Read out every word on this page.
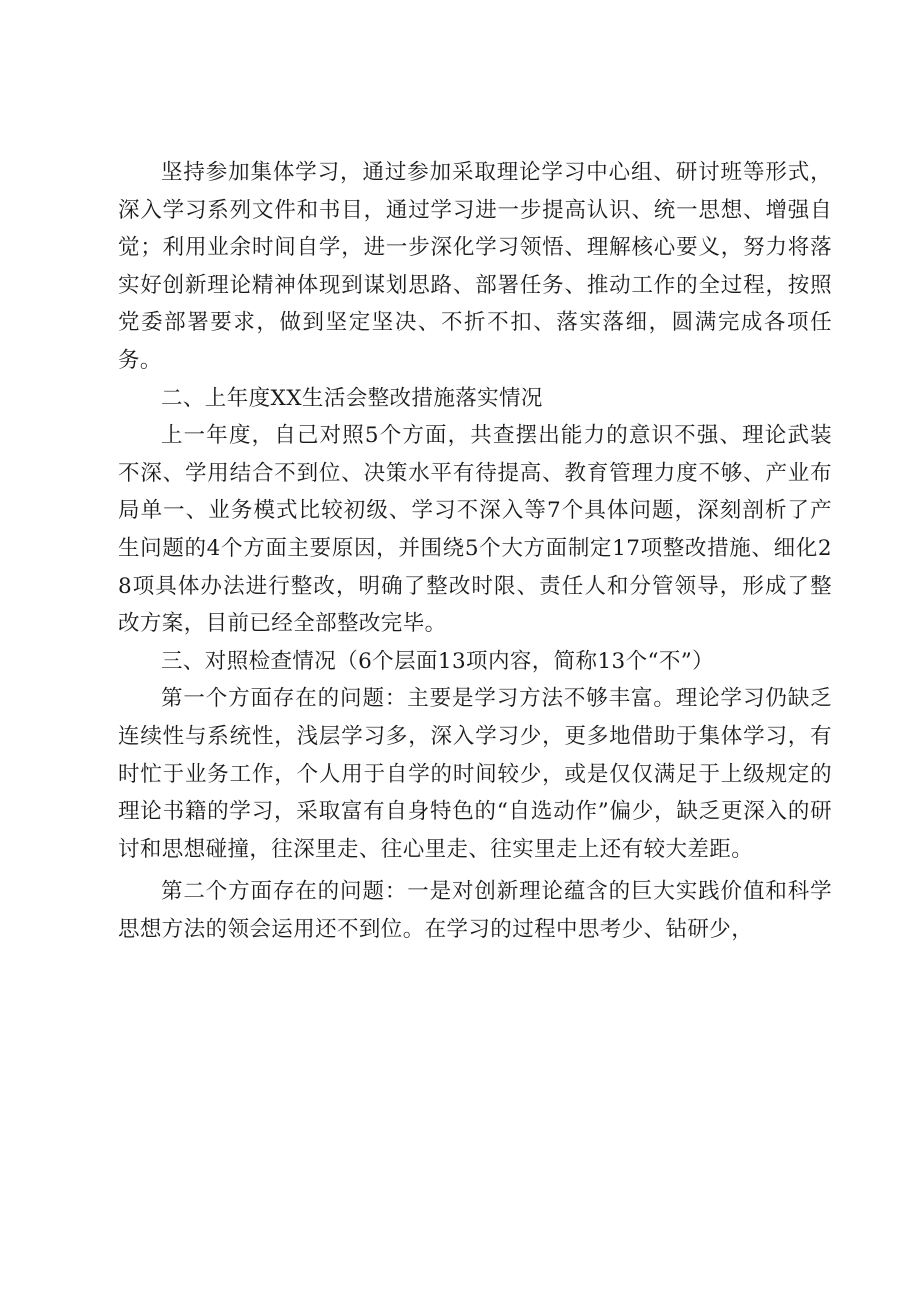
坚持参加集体学习，通过参加采取理论学习中心组、研讨班等形式，深入学习系列文件和书目，通过学习进一步提高认识、统一思想、增强自觉；利用业余时间自学，进一步深化学习领悟、理解核心要义，努力将落实好创新理论精神体现到谋划思路、部署任务、推动工作的全过程，按照党委部署要求，做到坚定坚决、不折不扣、落实落细，圆满完成各项任务。

二、上年度XX生活会整改措施落实情况

上一年度，自己对照5个方面，共查摆出能力的意识不强、理论武装不深、学用结合不到位、决策水平有待提高、教育管理力度不够、产业布局单一、业务模式比较初级、学习不深入等7个具体问题，深刻剖析了产生问题的4个方面主要原因，并围绕5个大方面制定17项整改措施、细化28项具体办法进行整改，明确了整改时限、责任人和分管领导，形成了整改方案，目前已经全部整改完毕。

三、对照检查情况（6个层面13项内容，简称13个“不”）

第一个方面存在的问题：主要是学习方法不够丰富。理论学习仍缺乏连续性与系统性，浅层学习多，深入学习少，更多地借助于集体学习，有时忙于业务工作，个人用于自学的时间较少，或是仅仅满足于上级规定的理论书籍的学习，采取富有自身特色的“自选动作”偏少，缺乏更深入的研讨和思想碰撞，往深里走、往心里走、往实里走上还有较大差距。

第二个方面存在的问题：一是对创新理论蕴含的巨大实践价值和科学思想方法的领会运用还不到位。在学习的过程中思考少、钻研少，
